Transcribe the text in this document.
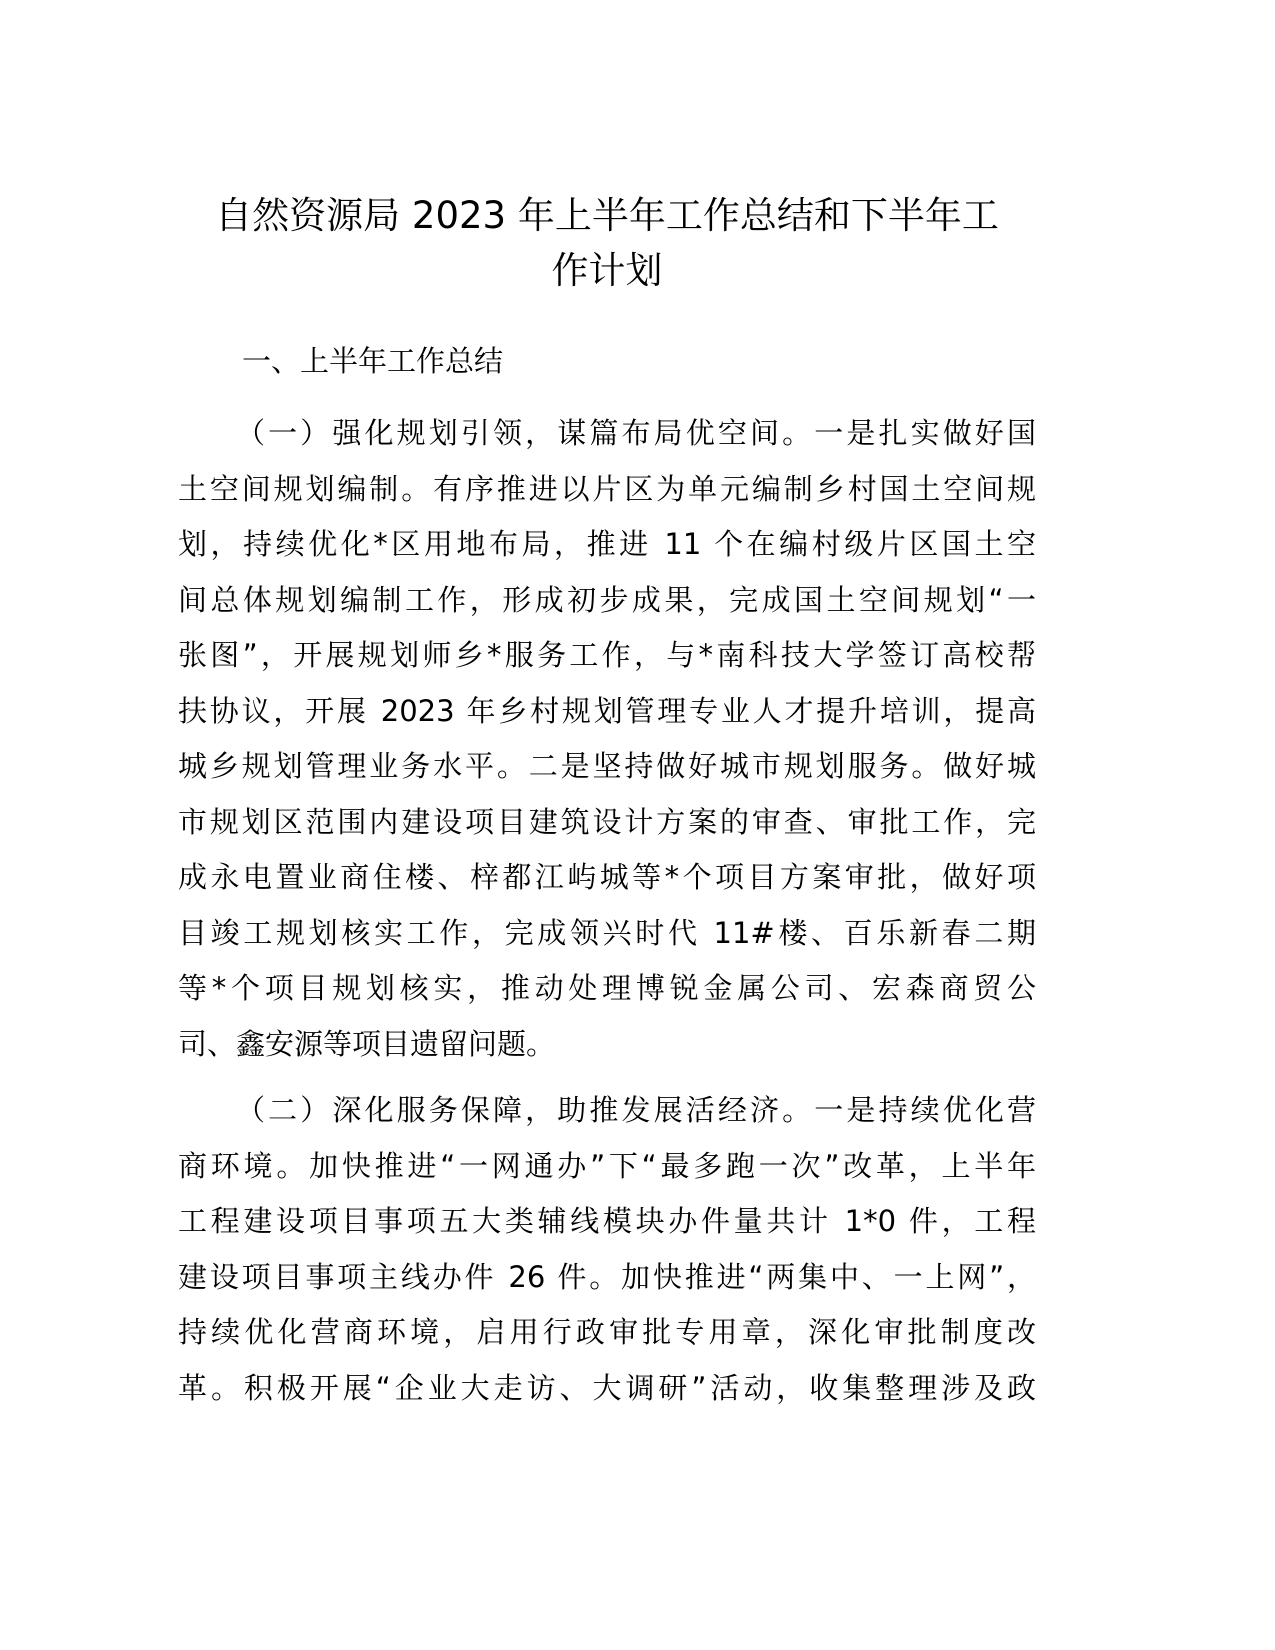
自然资源局 2023 年上半年工作总结和下半年工
作计划
一、上半年工作总结

（一）强化规划引领，谋篇布局优空间。一是扎实做好国
土空间规划编制。有序推进以片区为单元编制乡村国土空间规
划，持续优化*区用地布局，推进 11 个在编村级片区国土空
间总体规划编制工作，形成初步成果，完成国土空间规划“一
张图”，开展规划师乡*服务工作，与*南科技大学签订高校帮
扶协议，开展 2023 年乡村规划管理专业人才提升培训，提高
城乡规划管理业务水平。二是坚持做好城市规划服务。做好城
市规划区范围内建设项目建筑设计方案的审查、审批工作，完
成永电置业商住楼、梓都江屿城等*个项目方案审批，做好项
目竣工规划核实工作，完成领兴时代 11#楼、百乐新春二期
等*个项目规划核实，推动处理博锐金属公司、宏森商贸公
司、鑫安源等项目遗留问题。

（二）深化服务保障，助推发展活经济。一是持续优化营
商环境。加快推进“一网通办”下“最多跑一次”改革，上半年
工程建设项目事项五大类辅线模块办件量共计 1*0 件，工程
建设项目事项主线办件 26 件。加快推进“两集中、一上网”，
持续优化营商环境，启用行政审批专用章，深化审批制度改
革。积极开展“企业大走访、大调研”活动，收集整理涉及政
